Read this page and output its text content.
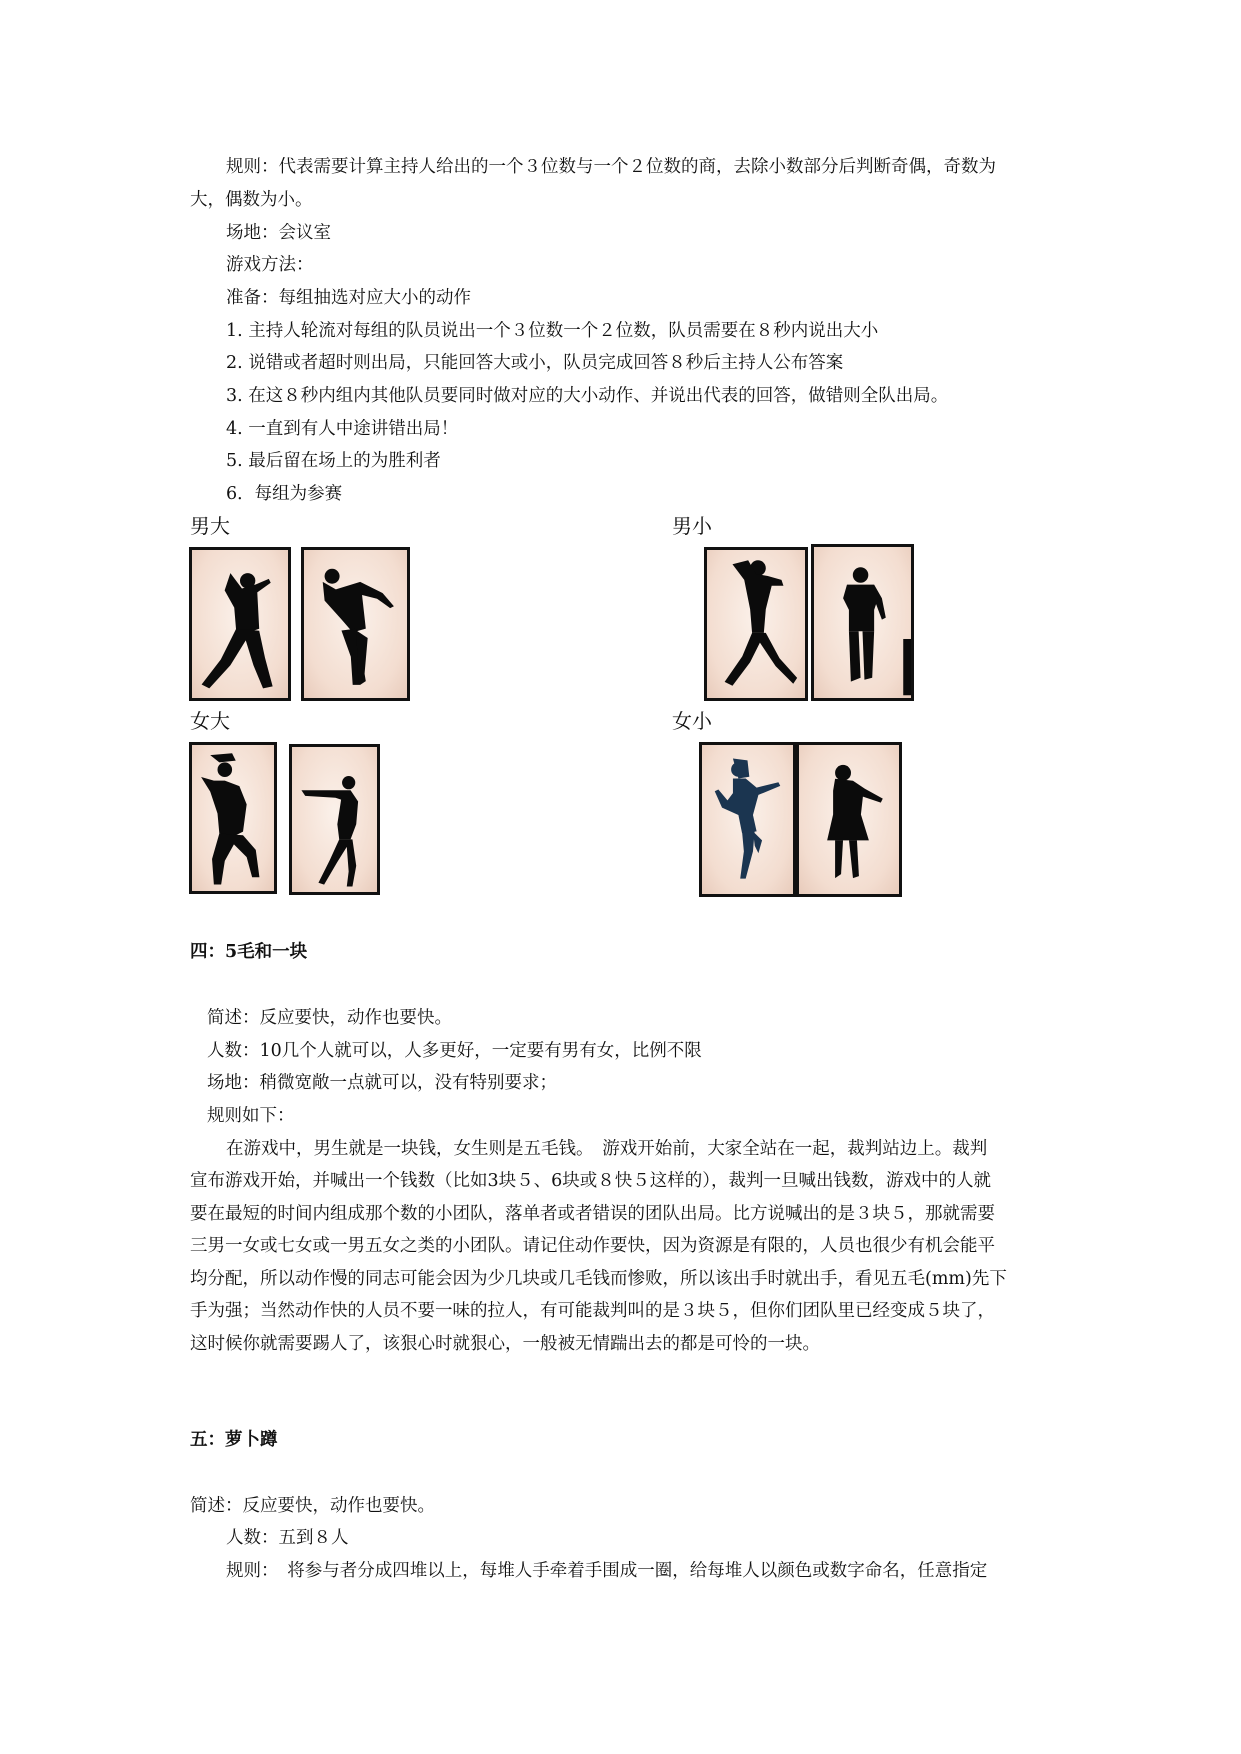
规则：代表需要计算主持人给出的一个３位数与一个２位数的商，去除小数部分后判断奇偶，奇数为
大，偶数为小。
场地：会议室
游戏方法：
准备：每组抽选对应大小的动作
1. 主持人轮流对每组的队员说出一个３位数一个２位数，队员需要在８秒内说出大小
2. 说错或者超时则出局，只能回答大或小，队员完成回答８秒后主持人公布答案
3. 在这８秒内组内其他队员要同时做对应的大小动作、并说出代表的回答，做错则全队出局。
4. 一直到有人中途讲错出局！
5. 最后留在场上的为胜利者
6．每组为参赛
男大	男小
女大	女小
四：5毛和一块
简述：反应要快，动作也要快。
人数：10几个人就可以，人多更好，一定要有男有女，比例不限
场地：稍微宽敞一点就可以，没有特别要求；
规则如下：
在游戏中，男生就是一块钱，女生则是五毛钱。　游戏开始前，大家全站在一起，裁判站边上。裁判
宣布游戏开始，并喊出一个钱数（比如3块５、6块或８快５这样的），裁判一旦喊出钱数，游戏中的人就
要在最短的时间内组成那个数的小团队，落单者或者错误的团队出局。比方说喊出的是３块５，那就需要
三男一女或七女或一男五女之类的小团队。请记住动作要快，因为资源是有限的，人员也很少有机会能平
均分配，所以动作慢的同志可能会因为少几块或几毛钱而惨败，所以该出手时就出手，看见五毛(mm)先下
手为强；当然动作快的人员不要一味的拉人，有可能裁判叫的是３块５，但你们团队里已经变成５块了，
这时候你就需要踢人了，该狠心时就狠心，一般被无情踹出去的都是可怜的一块。
五：萝卜蹲
简述：反应要快，动作也要快。
人数：五到８人
规则：　将参与者分成四堆以上，每堆人手牵着手围成一圈，给每堆人以颜色或数字命名，任意指定
